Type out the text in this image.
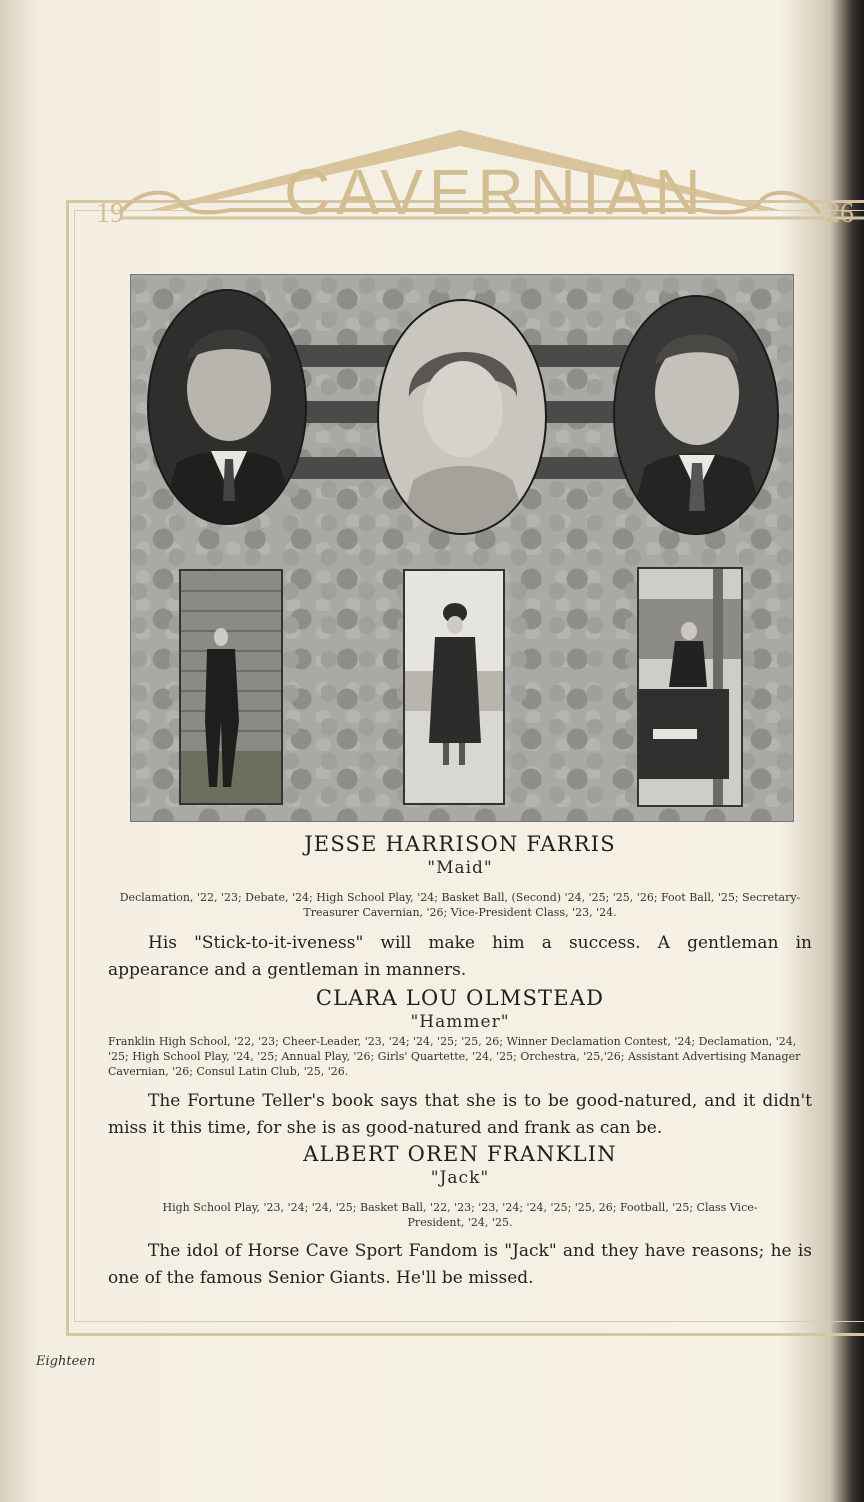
19	CAVERNIAN	26
JESSE HARRISON FARRIS
"Maid"
Declamation, '22, '23; Debate, '24; High School Play, '24; Basket Ball, (Second) '24, '25; '25, '26; Foot Ball, '25; Secretary-Treasurer Cavernian, '26; Vice-President Class, '23, '24.
His "Stick-to-it-iveness" will make him a success. A gentleman in appearance and a gentleman in manners.
CLARA LOU OLMSTEAD
"Hammer"
Franklin High School, '22, '23; Cheer-Leader, '23, '24; '24, '25; '25, 26; Winner Declamation Contest, '24; Declamation, '24, '25; High School Play, '24, '25; Annual Play, '26; Girls' Quartette, '24, '25; Orchestra, '25,'26; Assistant Advertising Manager Cavernian, '26; Consul Latin Club, '25, '26.
The Fortune Teller's book says that she is to be good-natured, and it didn't miss it this time, for she is as good-natured and frank as can be.
ALBERT OREN FRANKLIN
"Jack"
High School Play, '23, '24; '24, '25; Basket Ball, '22, '23; '23, '24; '24, '25; '25, 26; Football, '25; Class Vice-President, '24, '25.
The idol of Horse Cave Sport Fandom is "Jack" and they have reasons; he is one of the famous Senior Giants. He'll be missed.
Eighteen
